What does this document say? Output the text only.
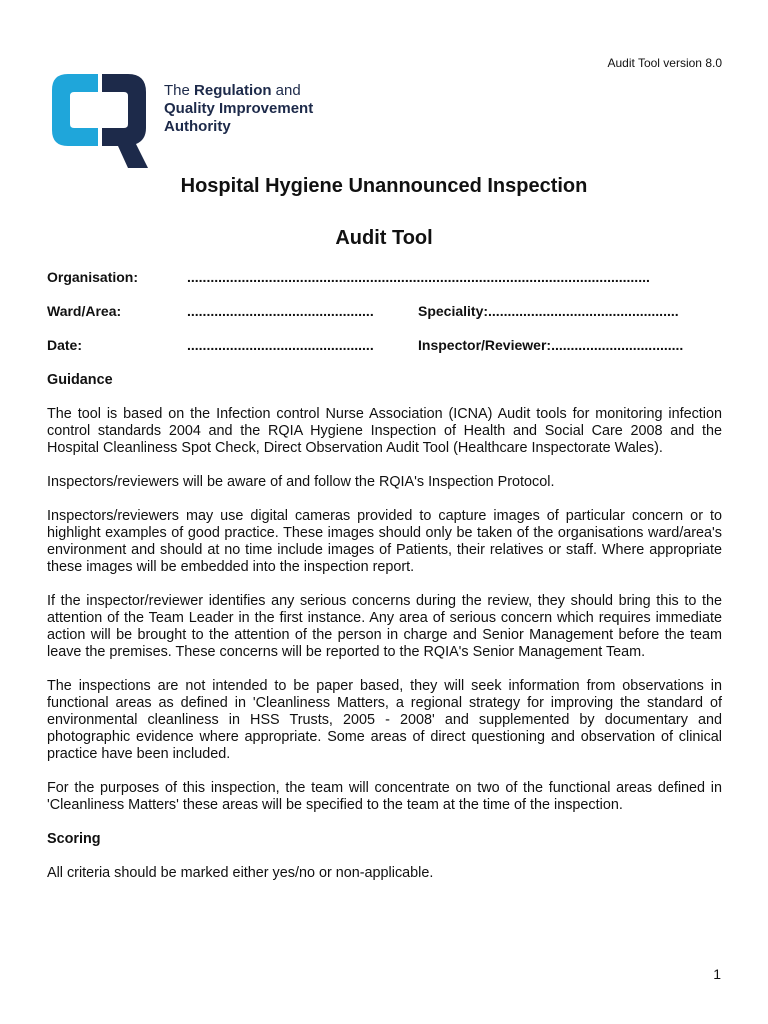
Audit Tool version 8.0
The Regulation and
Quality Improvement
Authority
Hospital Hygiene Unannounced Inspection
Audit Tool
Organisation:	.......................................................................................................................
Ward/Area:	................................................	Speciality:.................................................
Date:	................................................	Inspector/Reviewer:..................................
Guidance

The tool is based on the Infection control Nurse Association (ICNA) Audit tools for monitoring infection control standards 2004 and the RQIA Hygiene Inspection of Health and Social Care 2008 and the Hospital Cleanliness Spot Check, Direct Observation Audit Tool (Healthcare Inspectorate Wales).

Inspectors/reviewers will be aware of and follow the RQIA's Inspection Protocol.

Inspectors/reviewers may use digital cameras provided to capture images of particular concern or to highlight examples of good practice. These images should only be taken of the organisations ward/area's environment and should at no time include images of Patients, their relatives or staff. Where appropriate these images will be embedded into the inspection report.

If the inspector/reviewer identifies any serious concerns during the review, they should bring this to the attention of the Team Leader in the first instance. Any area of serious concern which requires immediate action will be brought to the attention of the person in charge and Senior Management before the team leave the premises. These concerns will be reported to the RQIA's Senior Management Team.

The inspections are not intended to be paper based, they will seek information from observations in functional areas as defined in 'Cleanliness Matters, a regional strategy for improving the standard of environmental cleanliness in HSS Trusts, 2005 - 2008' and supplemented by documentary and photographic evidence where appropriate. Some areas of direct questioning and observation of clinical practice have been included.

For the purposes of this inspection, the team will concentrate on two of the functional areas defined in 'Cleanliness Matters' these areas will be specified to the team at the time of the inspection.

Scoring

All criteria should be marked either yes/no or non-applicable.

1
